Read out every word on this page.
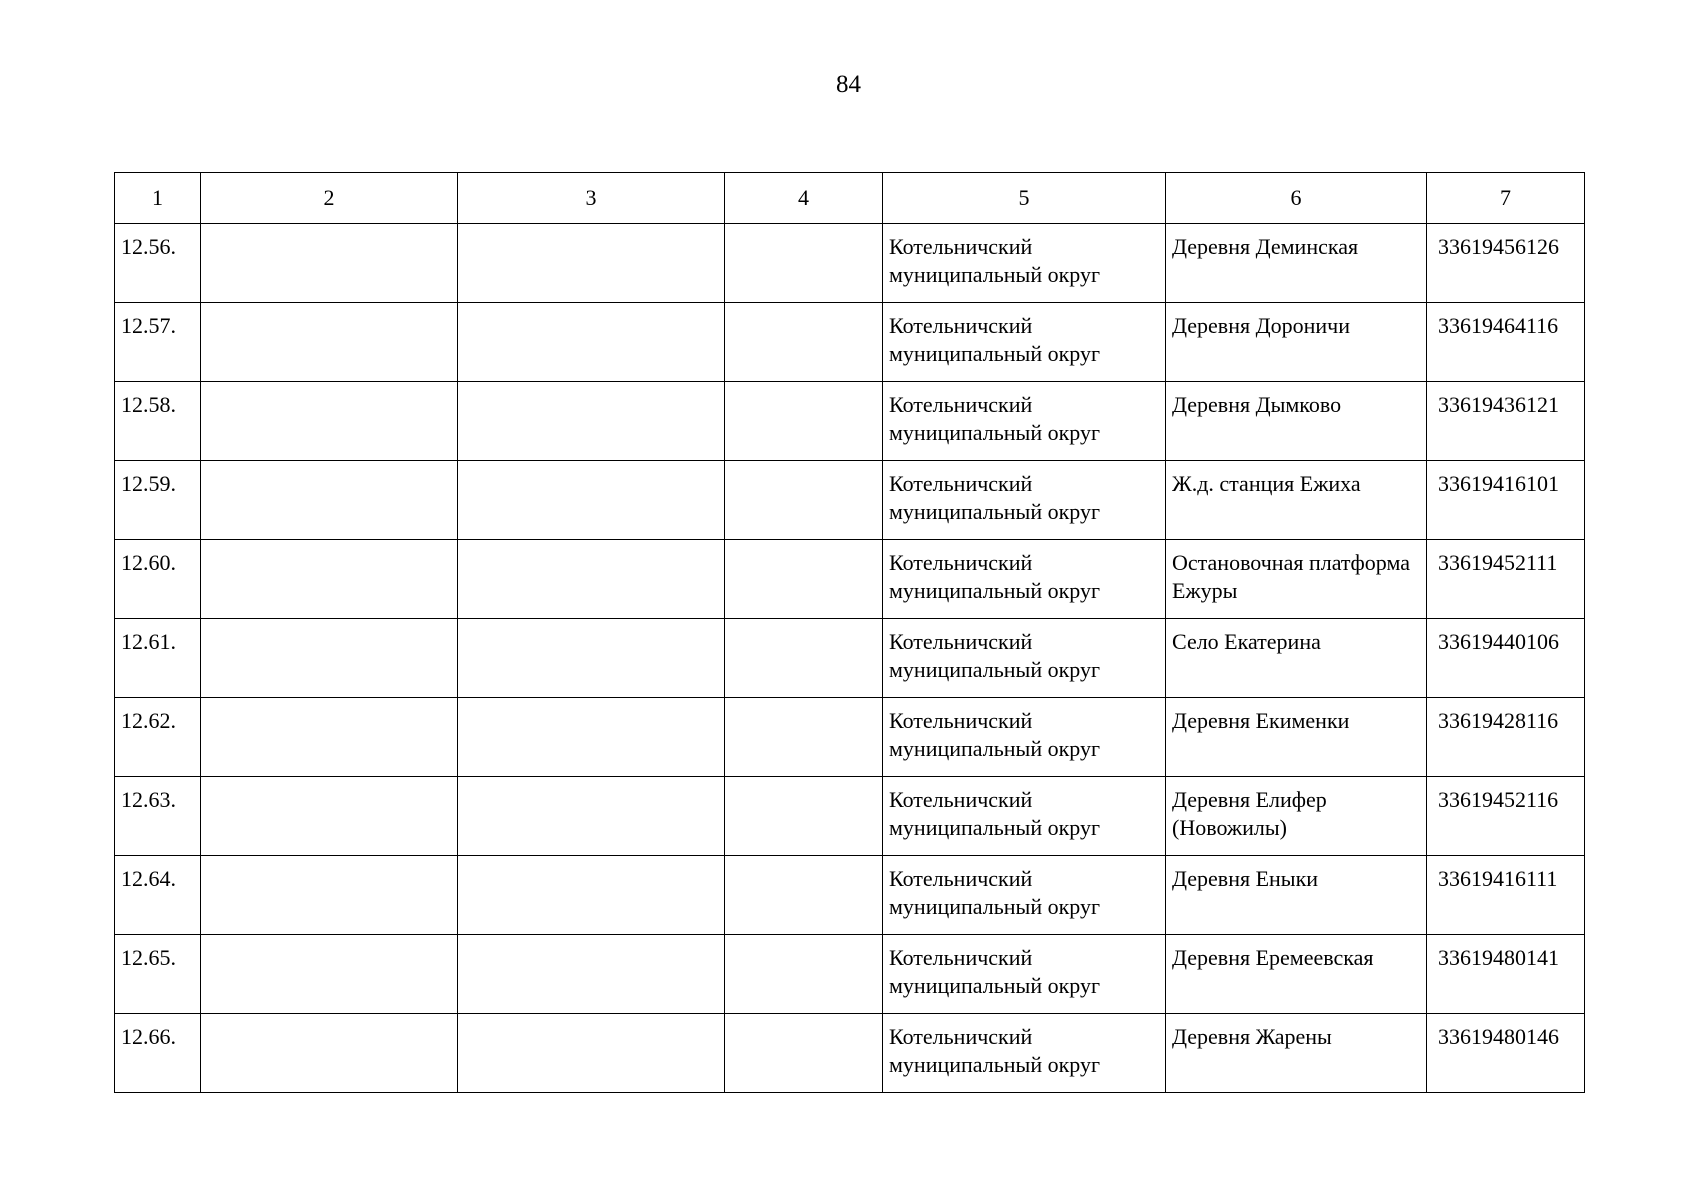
84
1	2	3	4	5	6	7
12.56.				Котельничский муниципальный округ	Деревня Деминская	33619456126
12.57.				Котельничский муниципальный округ	Деревня Дороничи	33619464116
12.58.				Котельничский муниципальный округ	Деревня Дымково	33619436121
12.59.				Котельничский муниципальный округ	Ж.д. станция Ежиха	33619416101
12.60.				Котельничский муниципальный округ	Остановочная платформа Ежуры	33619452111
12.61.				Котельничский муниципальный округ	Село Екатерина	33619440106
12.62.				Котельничский муниципальный округ	Деревня Екименки	33619428116
12.63.				Котельничский муниципальный округ	Деревня Елифер (Новожилы)	33619452116
12.64.				Котельничский муниципальный округ	Деревня Еныки	33619416111
12.65.				Котельничский муниципальный округ	Деревня Еремеевская	33619480141
12.66.				Котельничский муниципальный округ	Деревня Жарены	33619480146
